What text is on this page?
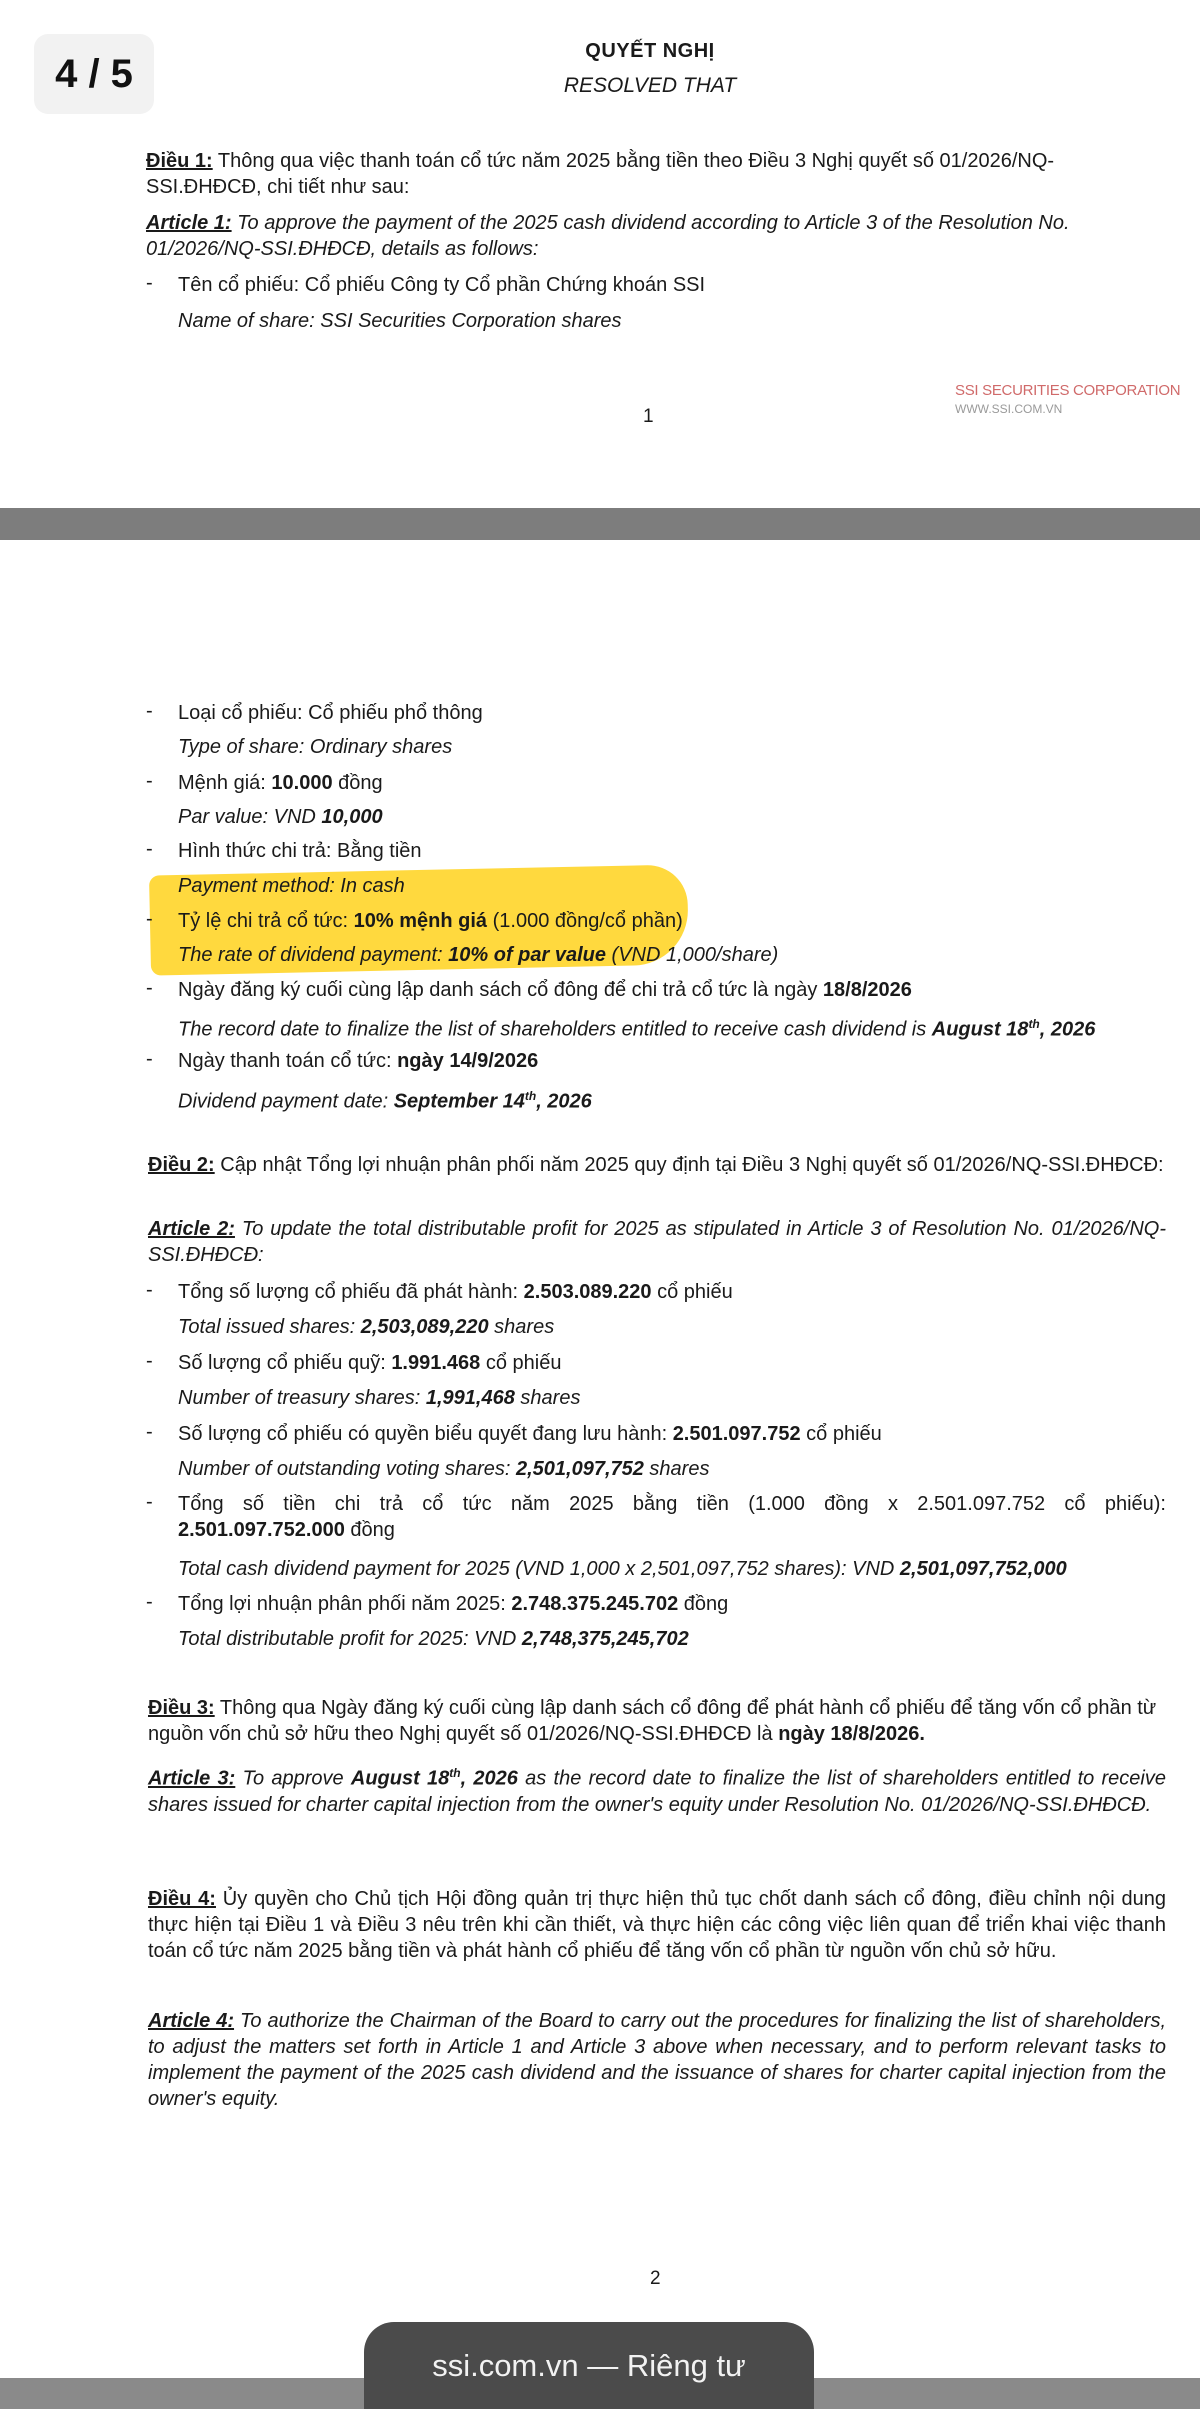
4 / 5
QUYẾT NGHỊ
RESOLVED THAT
Điều 1: Thông qua việc thanh toán cổ tức năm 2025 bằng tiền theo Điều 3 Nghị quyết số 01/2026/NQ-SSI.ĐHĐCĐ, chi tiết như sau:
Article 1: To approve the payment of the 2025 cash dividend according to Article 3 of the Resolution No. 01/2026/NQ-SSI.ĐHĐCĐ, details as follows:
- Tên cổ phiếu: Cổ phiếu Công ty Cổ phần Chứng khoán SSI
Name of share: SSI Securities Corporation shares
SSI SECURITIES CORPORATION
WWW.SSI.COM.VN
1
- Loại cổ phiếu: Cổ phiếu phổ thông
Type of share: Ordinary shares
- Mệnh giá: 10.000 đồng
Par value: VND 10,000
- Hình thức chi trả: Bằng tiền
Payment method: In cash
- Tỷ lệ chi trả cổ tức: 10% mệnh giá (1.000 đồng/cổ phần)
The rate of dividend payment: 10% of par value (VND 1,000/share)
- Ngày đăng ký cuối cùng lập danh sách cổ đông để chi trả cổ tức là ngày 18/8/2026
The record date to finalize the list of shareholders entitled to receive cash dividend is August 18th, 2026
- Ngày thanh toán cổ tức: ngày 14/9/2026
Dividend payment date: September 14th, 2026
Điều 2: Cập nhật Tổng lợi nhuận phân phối năm 2025 quy định tại Điều 3 Nghị quyết số 01/2026/NQ-SSI.ĐHĐCĐ:
Article 2: To update the total distributable profit for 2025 as stipulated in Article 3 of Resolution No. 01/2026/NQ-SSI.ĐHĐCĐ:
- Tổng số lượng cổ phiếu đã phát hành: 2.503.089.220 cổ phiếu
Total issued shares: 2,503,089,220 shares
- Số lượng cổ phiếu quỹ: 1.991.468 cổ phiếu
Number of treasury shares: 1,991,468 shares
- Số lượng cổ phiếu có quyền biểu quyết đang lưu hành: 2.501.097.752 cổ phiếu
Number of outstanding voting shares: 2,501,097,752 shares
- Tổng số tiền chi trả cổ tức năm 2025 bằng tiền (1.000 đồng x 2.501.097.752 cổ phiếu):
2.501.097.752.000 đồng
Total cash dividend payment for 2025 (VND 1,000 x 2,501,097,752 shares): VND 2,501,097,752,000
- Tổng lợi nhuận phân phối năm 2025: 2.748.375.245.702 đồng
Total distributable profit for 2025: VND 2,748,375,245,702
Điều 3: Thông qua Ngày đăng ký cuối cùng lập danh sách cổ đông để phát hành cổ phiếu để tăng vốn cổ phần từ nguồn vốn chủ sở hữu theo Nghị quyết số 01/2026/NQ-SSI.ĐHĐCĐ là ngày 18/8/2026.
Article 3: To approve August 18th, 2026 as the record date to finalize the list of shareholders entitled to receive shares issued for charter capital injection from the owner's equity under Resolution No. 01/2026/NQ-SSI.ĐHĐCĐ.
Điều 4: Ủy quyền cho Chủ tịch Hội đồng quản trị thực hiện thủ tục chốt danh sách cổ đông, điều chỉnh nội dung thực hiện tại Điều 1 và Điều 3 nêu trên khi cần thiết, và thực hiện các công việc liên quan để triển khai việc thanh toán cổ tức năm 2025 bằng tiền và phát hành cổ phiếu để tăng vốn cổ phần từ nguồn vốn chủ sở hữu.
Article 4: To authorize the Chairman of the Board to carry out the procedures for finalizing the list of shareholders, to adjust the matters set forth in Article 1 and Article 3 above when necessary, and to perform relevant tasks to implement the payment of the 2025 cash dividend and the issuance of shares for charter capital injection from the owner's equity.
2
ssi.com.vn — Riêng tư
